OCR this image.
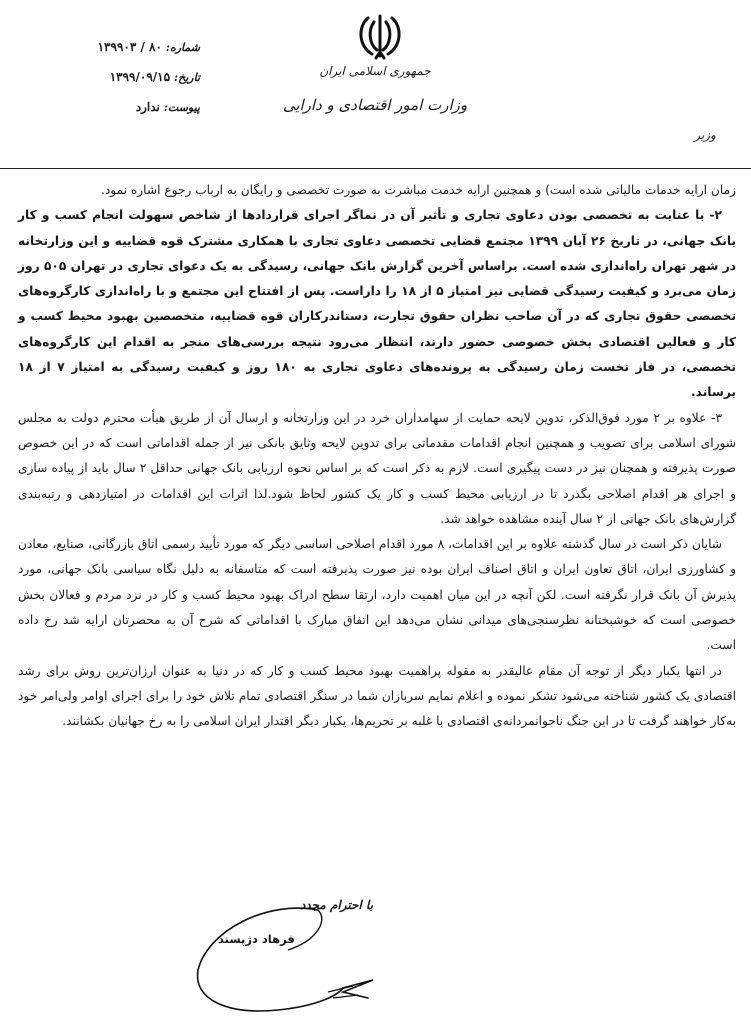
شماره:
۸۰ / ۱۳۹۹۰۳
تاریخ:
۱۳۹۹/۰۹/۱۵
پیوست:
ندارد
جمهوری اسلامی ایران
وزارت امور اقتصادی و دارایی
وزیر

زمان ارایه خدمات مالیاتی شده است) و همچنین ارایه خدمت مباشرت به صورت تخصصی و رایگان به ارباب رجوع اشاره نمود.

۲- با عنایت به تخصصی بودن دعاوی تجاری و تأثیر آن در نماگر اجرای قراردادها از شاخص سهولت انجام کسب و کار بانک جهانی، در تاریخ ۲۶ آبان ۱۳۹۹ مجتمع قضایی تخصصی دعاوی تجاری با همکاری مشترک قوه قضاییه و این وزارتخانه در شهر تهران راه‌اندازی شده است. براساس آخرین گزارش بانک جهانی، رسیدگی به یک دعوای تجاری در تهران ۵۰۵ روز زمان می‌برد و کیفیت رسیدگی قضایی نیز امتیاز ۵ از ۱۸ را داراست. پس از افتتاح این مجتمع و با راه‌اندازی کارگروه‌های تخصصی حقوق تجاری که در آن صاحب نظران حقوق تجارت، دستاندرکاران قوه قضاییه، متخصصین بهبود محیط کسب و کار و فعالین اقتصادی بخش خصوصی حضور دارند، انتظار می‌رود نتیجه بررسی‌های منجر به اقدام این کارگروه‌های تخصصی، در فاز نخست زمان رسیدگی به پرونده‌های دعاوی تجاری به ۱۸۰ روز و کیفیت رسیدگی به امتیاز ۷ از ۱۸ برساند.

۳- علاوه بر ۲ مورد فوق‌الذکر، تدوین لایحه حمایت از سهامداران خرد در این وزارتخانه و ارسال آن از طریق هیأت محترم دولت به مجلس شورای اسلامی برای تصویب و همچنین انجام اقدامات مقدماتی برای تدوین لایحه وثایق بانکی نیز از جمله اقداماتی است که در این خصوص صورت پذیرفته و همچنان نیز در دست پیگیری است. لازم به ذکر است که بر اساس نحوه ارزیابی بانک جهانی حداقل ۲ سال باید از پیاده سازی و اجرای هر اقدام اصلاحی بگذرد تا در ارزیابی محیط کسب و کار یک کشور لحاظ شود.لذا اثرات این اقدامات در امتیازدهی و رتبه‌بندی گزارش‌های بانک جهانی از ۲ سال آینده مشاهده خواهد شد.

شایان ذکر است در سال گذشته علاوه بر این اقدامات، ۸ مورد اقدام اصلاحی اساسی دیگر که مورد تأیید رسمی اتاق بازرگانی، صنایع، معادن و کشاورزی ایران، اتاق تعاون ایران و اتاق اصناف ایران بوده نیز صورت پذیرفته است که متاسفانه به دلیل نگاه سیاسی بانک جهانی، مورد پذیرش آن بانک قرار نگرفته است. لکن آنچه در این میان اهمیت دارد، ارتقا سطح ادراک بهبود محیط کسب و کار در نزد مردم و فعالان بخش خصوصی است که خوشبختانه نظرسنجی‌های میدانی نشان می‌دهد این اتفاق مبارک با اقداماتی که شرح آن به محضرتان ارایه شد رخ داده است.

در انتها یکبار دیگر از توجه آن مقام عالیقدر به مقوله پراهمیت بهبود محیط کسب و کار که در دنیا به عنوان ارزان‌ترین روش برای رشد اقتصادی یک کشور شناخته می‌شود تشکر نموده و اعلام نمایم سربازان شما در سنگر اقتصادی تمام تلاش خود را برای اجرای اوامر ولی‌امر خود به‌کار خواهند گرفت تا در این جنگ ناجوانمردانه‌ی اقتصادی با غلبه بر تحریم‌ها، یکبار دیگر اقتدار ایران اسلامی را به رخ جهانیان بکشانند.

با احترام مجدد
فرهاد دژپسند
